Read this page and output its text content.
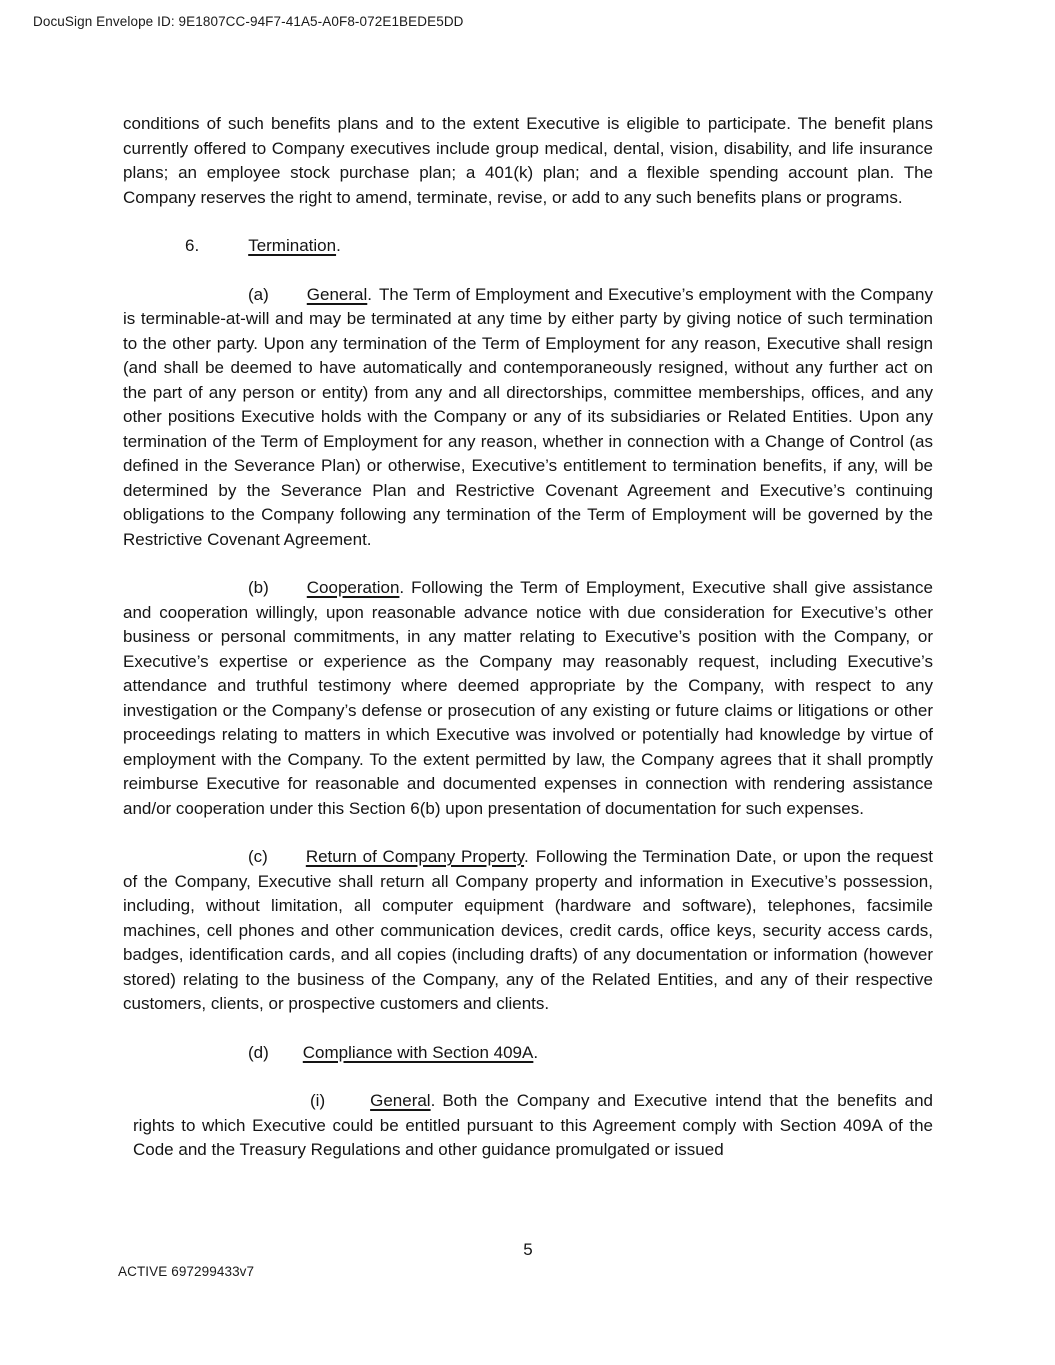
DocuSign Envelope ID: 9E1807CC-94F7-41A5-A0F8-072E1BEDE5DD

conditions of such benefits plans and to the extent Executive is eligible to participate. The benefit plans currently offered to Company executives include group medical, dental, vision, disability, and life insurance plans; an employee stock purchase plan; a 401(k) plan; and a flexible spending account plan. The Company reserves the right to amend, terminate, revise, or add to any such benefits plans or programs.

6.	Termination.

(a) General. The Term of Employment and Executive’s employment with the Company is terminable-at-will and may be terminated at any time by either party by giving notice of such termination to the other party. Upon any termination of the Term of Employment for any reason, Executive shall resign (and shall be deemed to have automatically and contemporaneously resigned, without any further act on the part of any person or entity) from any and all directorships, committee memberships, offices, and any other positions Executive holds with the Company or any of its subsidiaries or Related Entities. Upon any termination of the Term of Employment for any reason, whether in connection with a Change of Control (as defined in the Severance Plan) or otherwise, Executive’s entitlement to termination benefits, if any, will be determined by the Severance Plan and Restrictive Covenant Agreement and Executive’s continuing obligations to the Company following any termination of the Term of Employment will be governed by the Restrictive Covenant Agreement.

(b) Cooperation. Following the Term of Employment, Executive shall give assistance and cooperation willingly, upon reasonable advance notice with due consideration for Executive’s other business or personal commitments, in any matter relating to Executive’s position with the Company, or Executive’s expertise or experience as the Company may reasonably request, including Executive’s attendance and truthful testimony where deemed appropriate by the Company, with respect to any investigation or the Company’s defense or prosecution of any existing or future claims or litigations or other proceedings relating to matters in which Executive was involved or potentially had knowledge by virtue of employment with the Company. To the extent permitted by law, the Company agrees that it shall promptly reimburse Executive for reasonable and documented expenses in connection with rendering assistance and/or cooperation under this Section 6(b) upon presentation of documentation for such expenses.

(c) Return of Company Property. Following the Termination Date, or upon the request of the Company, Executive shall return all Company property and information in Executive’s possession, including, without limitation, all computer equipment (hardware and software), telephones, facsimile machines, cell phones and other communication devices, credit cards, office keys, security access cards, badges, identification cards, and all copies (including drafts) of any documentation or information (however stored) relating to the business of the Company, any of the Related Entities, and any of their respective customers, clients, or prospective customers and clients.

(d) Compliance with Section 409A.

(i)	General. Both the Company and Executive intend that the benefits and rights to which Executive could be entitled pursuant to this Agreement comply with Section 409A of the Code and the Treasury Regulations and other guidance promulgated or issued

5
ACTIVE 697299433v7
